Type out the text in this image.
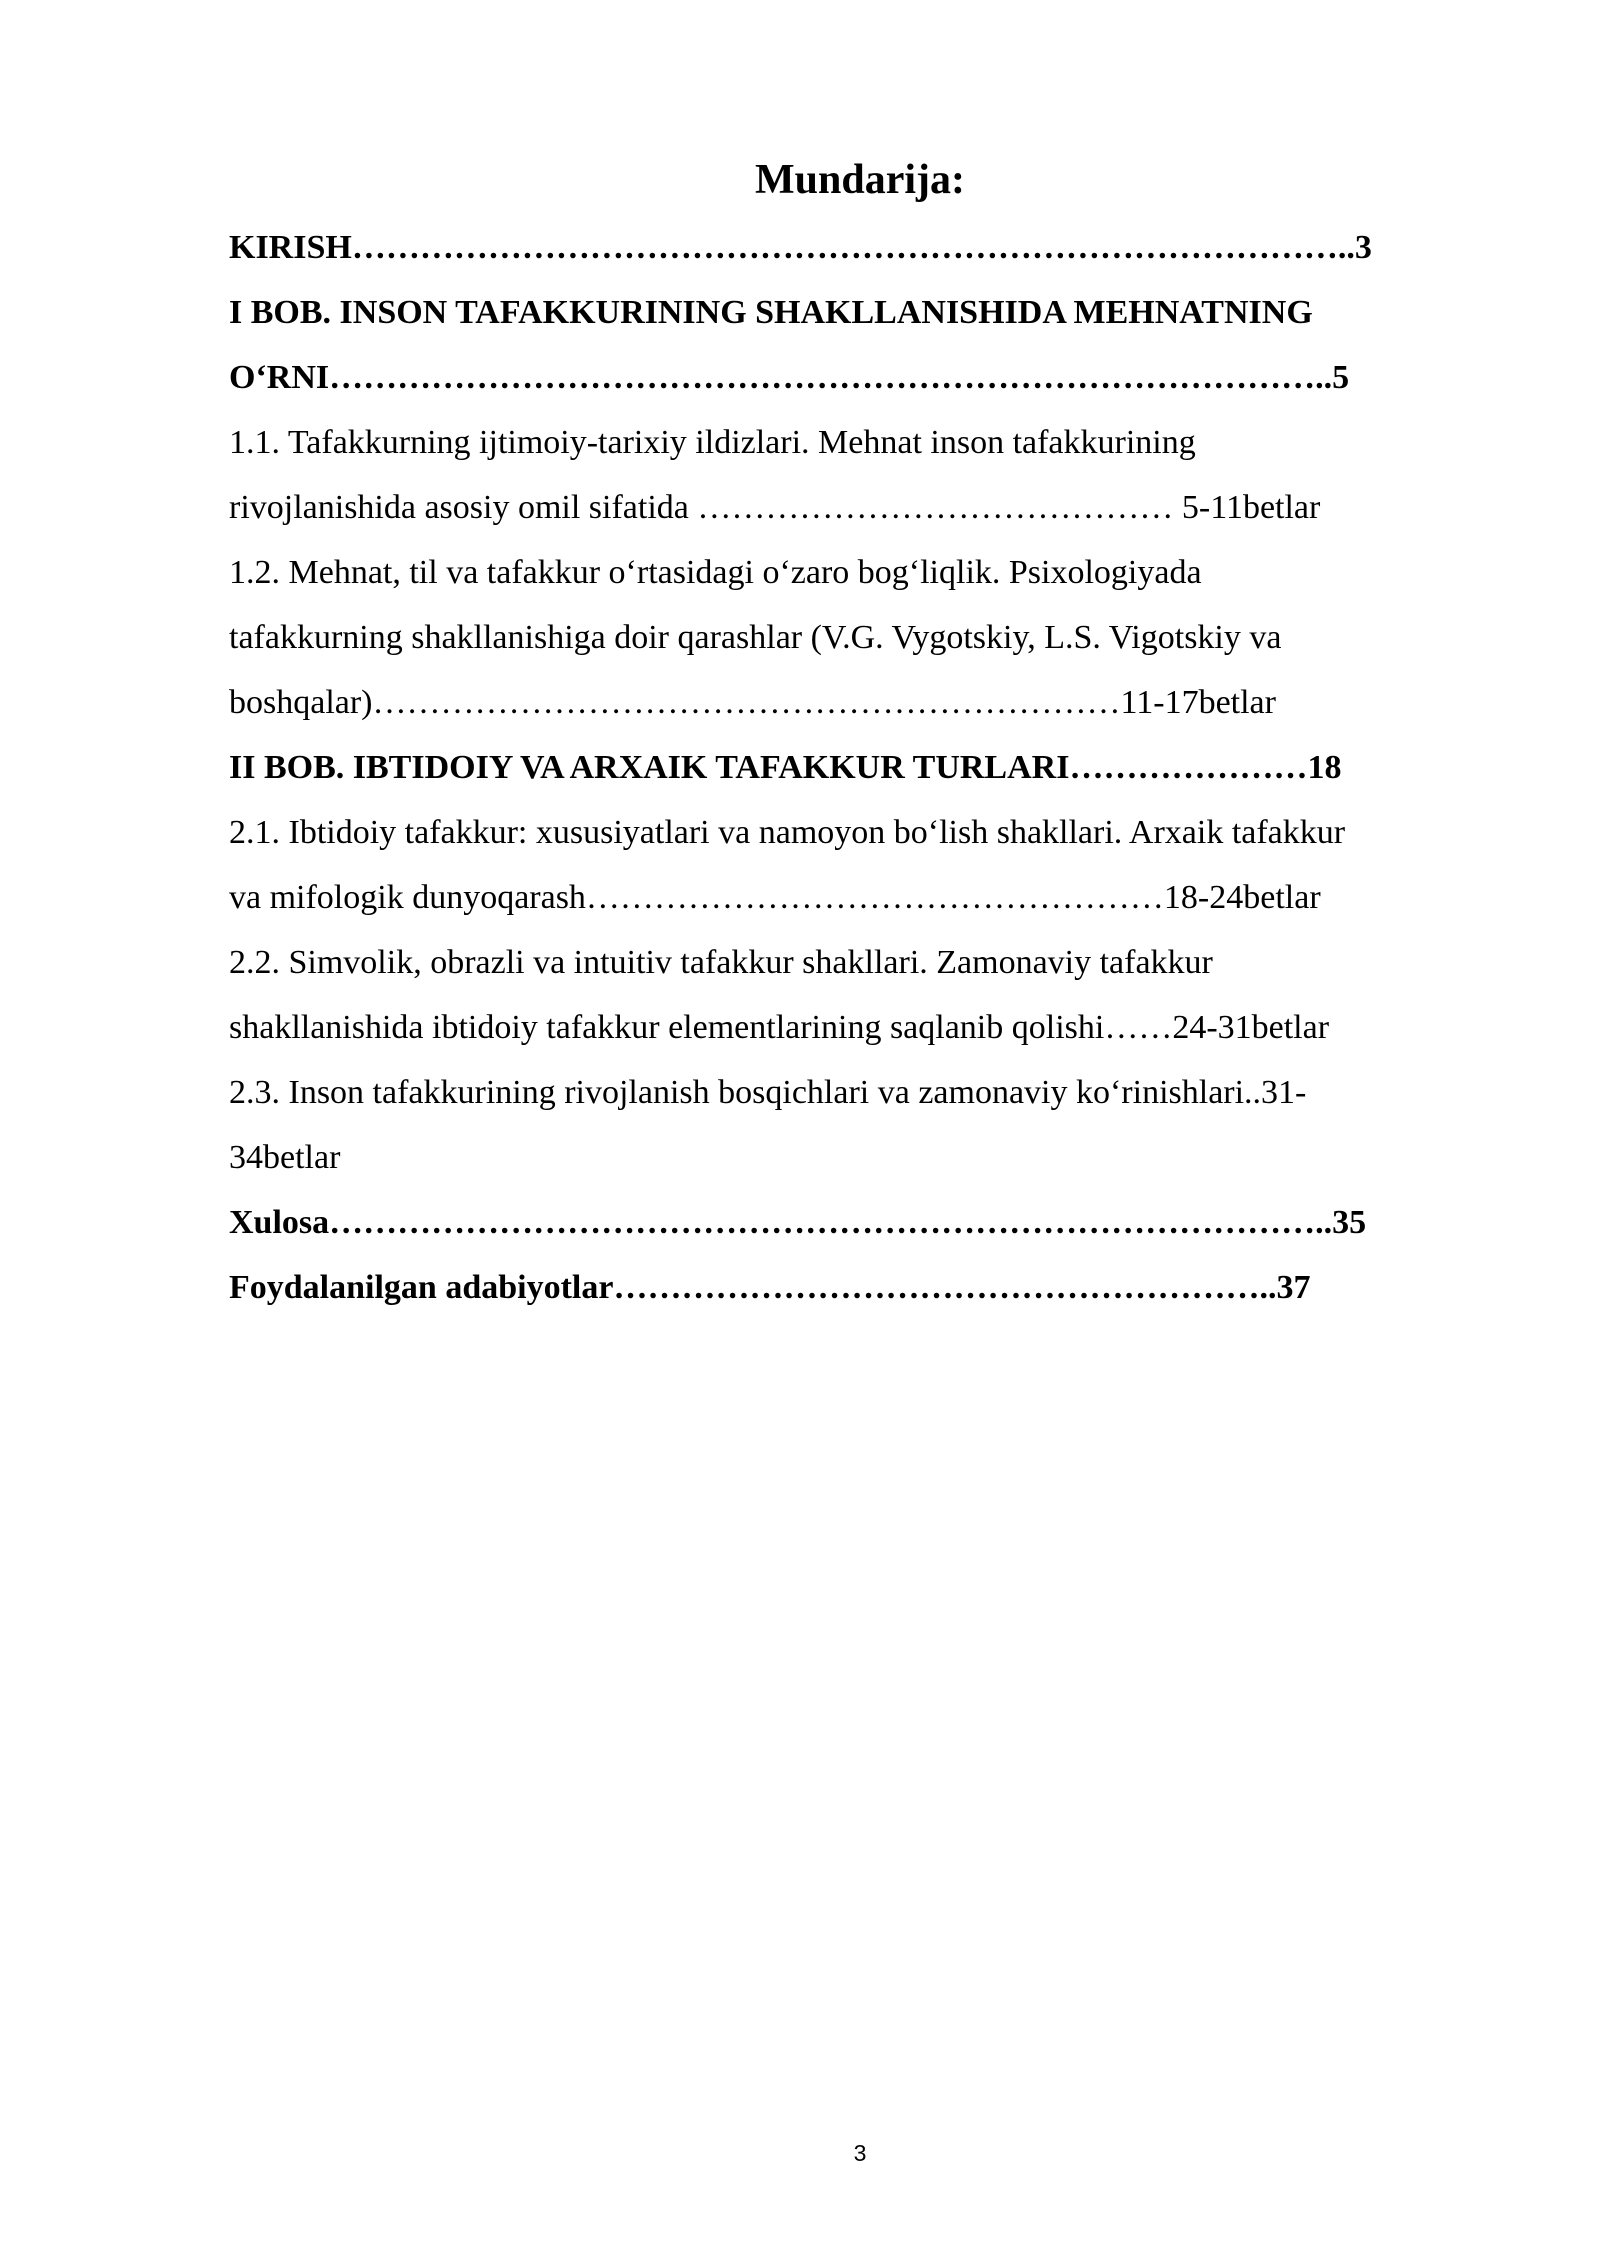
Mundarija:
KIRISH……………………………………………………………………………..3
I BOB. INSON TAFAKKURINING SHAKLLANISHIDA MEHNATNING
O‘RNI……………………………………………………………………………..5
1.1. Tafakkurning ijtimoiy-tarixiy ildizlari. Mehnat inson tafakkurining
rivojlanishida asosiy omil sifatida …………………………………… 5-11betlar
1.2. Mehnat, til va tafakkur o‘rtasidagi o‘zaro bog‘liqlik. Psixologiyada
tafakkurning shakllanishiga doir qarashlar (V.G. Vygotskiy, L.S. Vigotskiy va
boshqalar)…………………………………………………………11-17betlar
II BOB. IBTIDOIY VA ARXAIK TAFAKKUR TURLARI…………………18
2.1. Ibtidoiy tafakkur: xususiyatlari va namoyon bo‘lish shakllari. Arxaik tafakkur
va mifologik dunyoqarash……………………………………………18-24betlar
2.2. Simvolik, obrazli va intuitiv tafakkur shakllari. Zamonaviy tafakkur
shakllanishida ibtidoiy tafakkur elementlarining saqlanib qolishi……24-31betlar
2.3. Inson tafakkurining rivojlanish bosqichlari va zamonaviy ko‘rinishlari..31-
34betlar
Xulosa……………………………………………………………………………..35
Foydalanilgan adabiyotlar…………………………………………………..37
3
